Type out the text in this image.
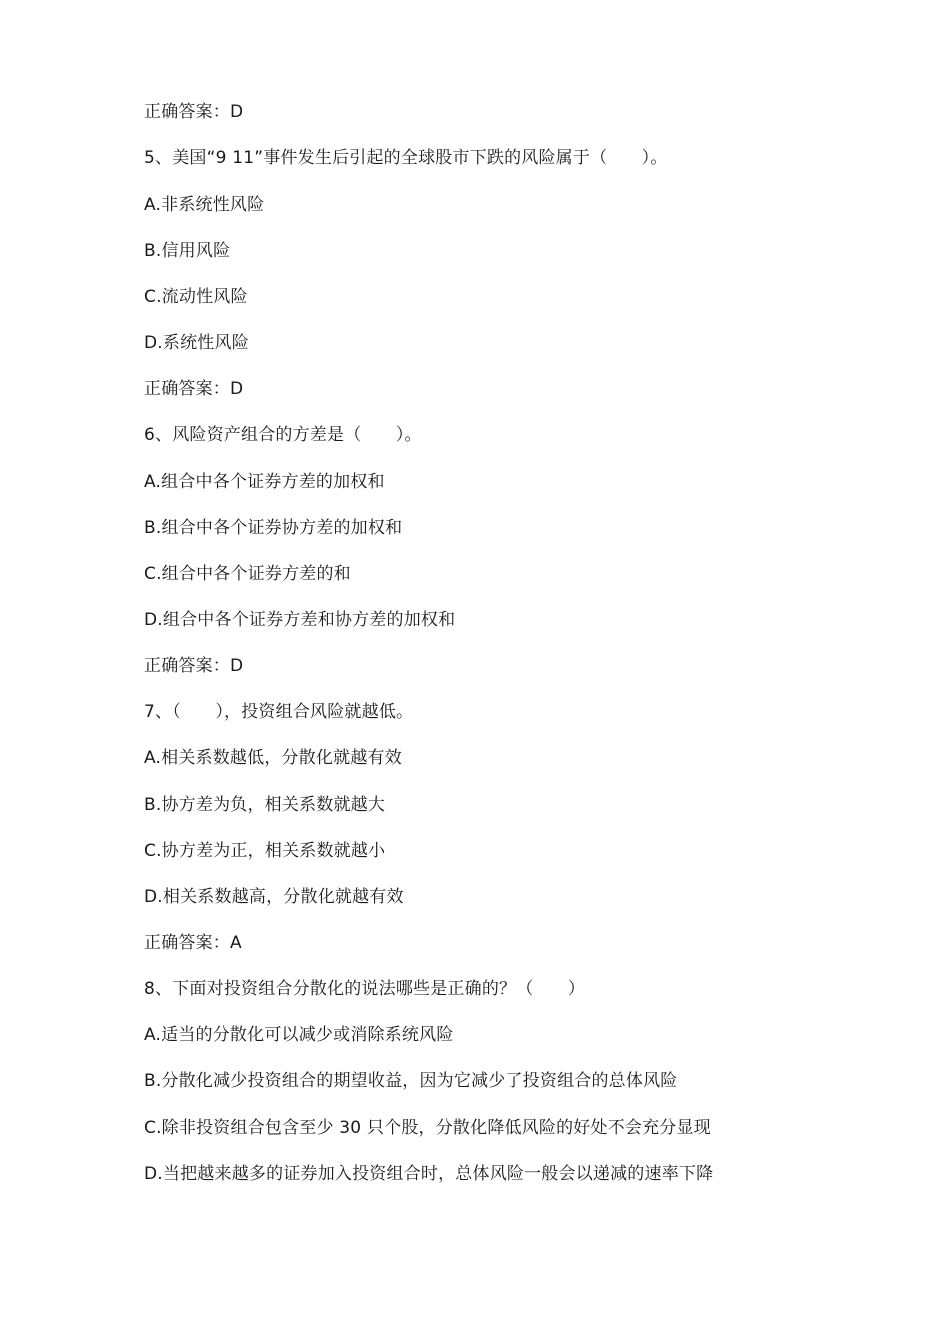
正确答案：D
5、美国“9 11”事件发生后引起的全球股市下跌的风险属于（　　）。
A.非系统性风险
B.信用风险
C.流动性风险
D.系统性风险
正确答案：D
6、风险资产组合的方差是（　　）。
A.组合中各个证券方差的加权和
B.组合中各个证券协方差的加权和
C.组合中各个证券方差的和
D.组合中各个证券方差和协方差的加权和
正确答案：D
7、（　　），投资组合风险就越低。
A.相关系数越低，分散化就越有效
B.协方差为负，相关系数就越大
C.协方差为正，相关系数就越小
D.相关系数越高，分散化就越有效
正确答案：A
8、下面对投资组合分散化的说法哪些是正确的？（　　）
A.适当的分散化可以减少或消除系统风险
B.分散化减少投资组合的期望收益，因为它减少了投资组合的总体风险
C.除非投资组合包含至少 30 只个股，分散化降低风险的好处不会充分显现
D.当把越来越多的证券加入投资组合时，总体风险一般会以递减的速率下降
